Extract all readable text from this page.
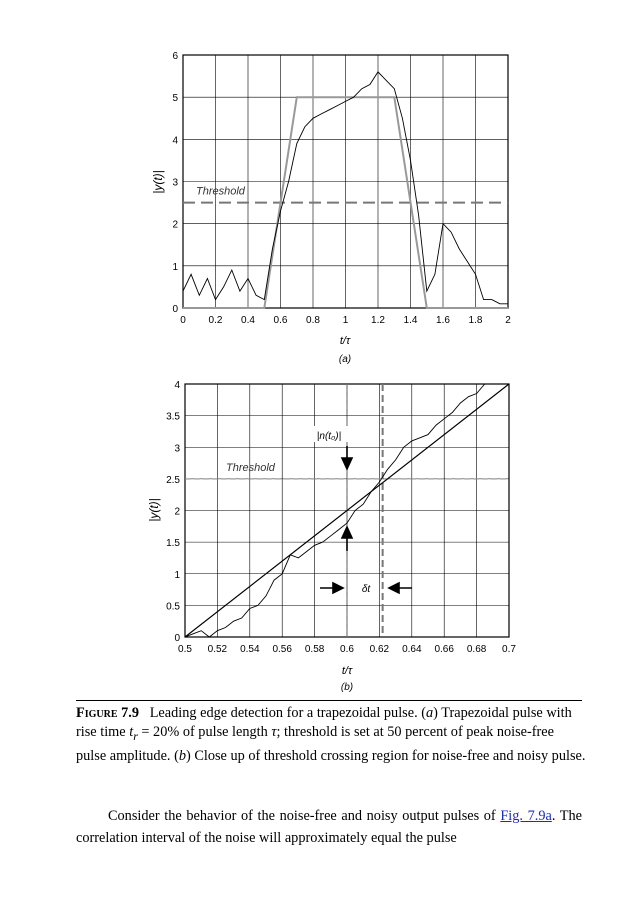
0
1
2
3
4
5
6
0 0.2 0.4 0.6 0.8 1 1.2 1.4 1.6 1.8 2
Threshold
|y(t)|
t/τ
(a)
0
0.5
1
1.5
2
2.5
3
3.5
4
0.5 0.52 0.54 0.56 0.58 0.6 0.62 0.64 0.66 0.68 0.7
Threshold
|n(t₀)|
δt
|y(t)|
t/τ
(b)
Figure 7.9 Leading edge detection for a trapezoidal pulse. (a) Trapezoidal pulse with rise time $t_r = 20\%$ of pulse length τ; threshold is set at 50 percent of peak noise-free pulse amplitude. (b) Close up of threshold crossing region for noise-free and noisy pulse.
Consider the behavior of the noise-free and noisy output pulses of Fig. 7.9a. The correlation interval of the noise will approximately equal the pulse
